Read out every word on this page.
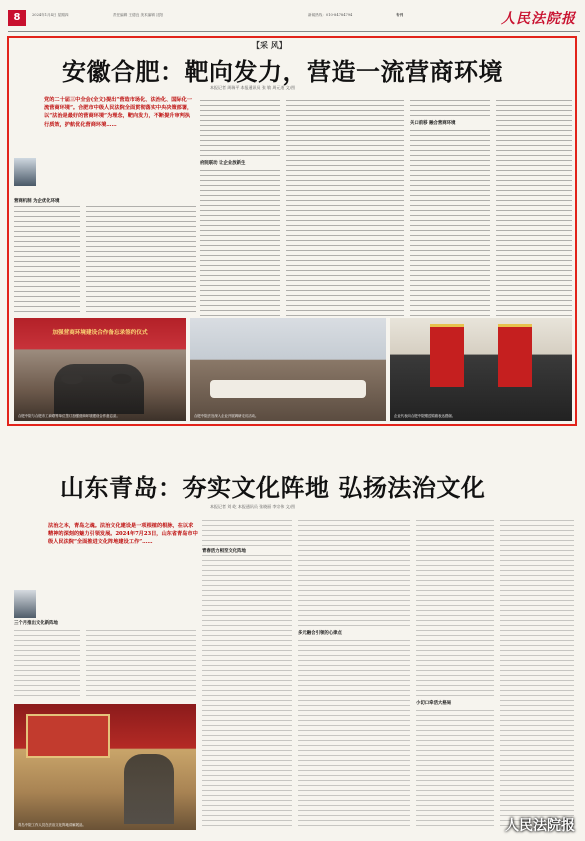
8	2024年1月4日 星期四	责任编辑 王德良 美术编辑 沈阳	新闻热线：010-84784794	专刊	人民法院报
【采 风】
安徽合肥：靶向发力，营造一流营商环境
本报记者 周瑞平 本报通讯员 张 敏 周元道 文/图
党的二十届三中全会(全文)提出“营造市场化、法治化、国际化一流营商环境”。合肥市中级人民法院全面贯彻落实中央决策部署，以“法治是最好的营商环境”为理念，靶向发力，不断提升审判执行质效，护航优化营商环境……
营商机制 为企优化环境
府院联动 让企业放新生
关口前移 融合营商环境
加强营商环境建设合作备忘录签约仪式
合肥中院与合肥市工商联等单位签订加强营商环境建设合作备忘录。	合肥中院法官深入企业开展调研走访活动。	企业代表向合肥中院赠送锦旗表达感谢。
山东青岛：夯实文化阵地 弘扬法治文化
本报记者 刘 屹 本报通讯员 张晓丽 李宗伟 文/图
法治之本，青岛之魂。法治文化建设是一项根植的根脉，在以求精神的深刻的魅力引领发展。2024年7月23日，山东省青岛市中级人民法院“全面推进文化阵地建设工作”……
三个月推出文化新阵地
青春活力相至文化阵地
多元融合引领的心律点
小切口牵活大格局
青岛中院工作人员在法治文化阵地讲解展品。	人民法院报
